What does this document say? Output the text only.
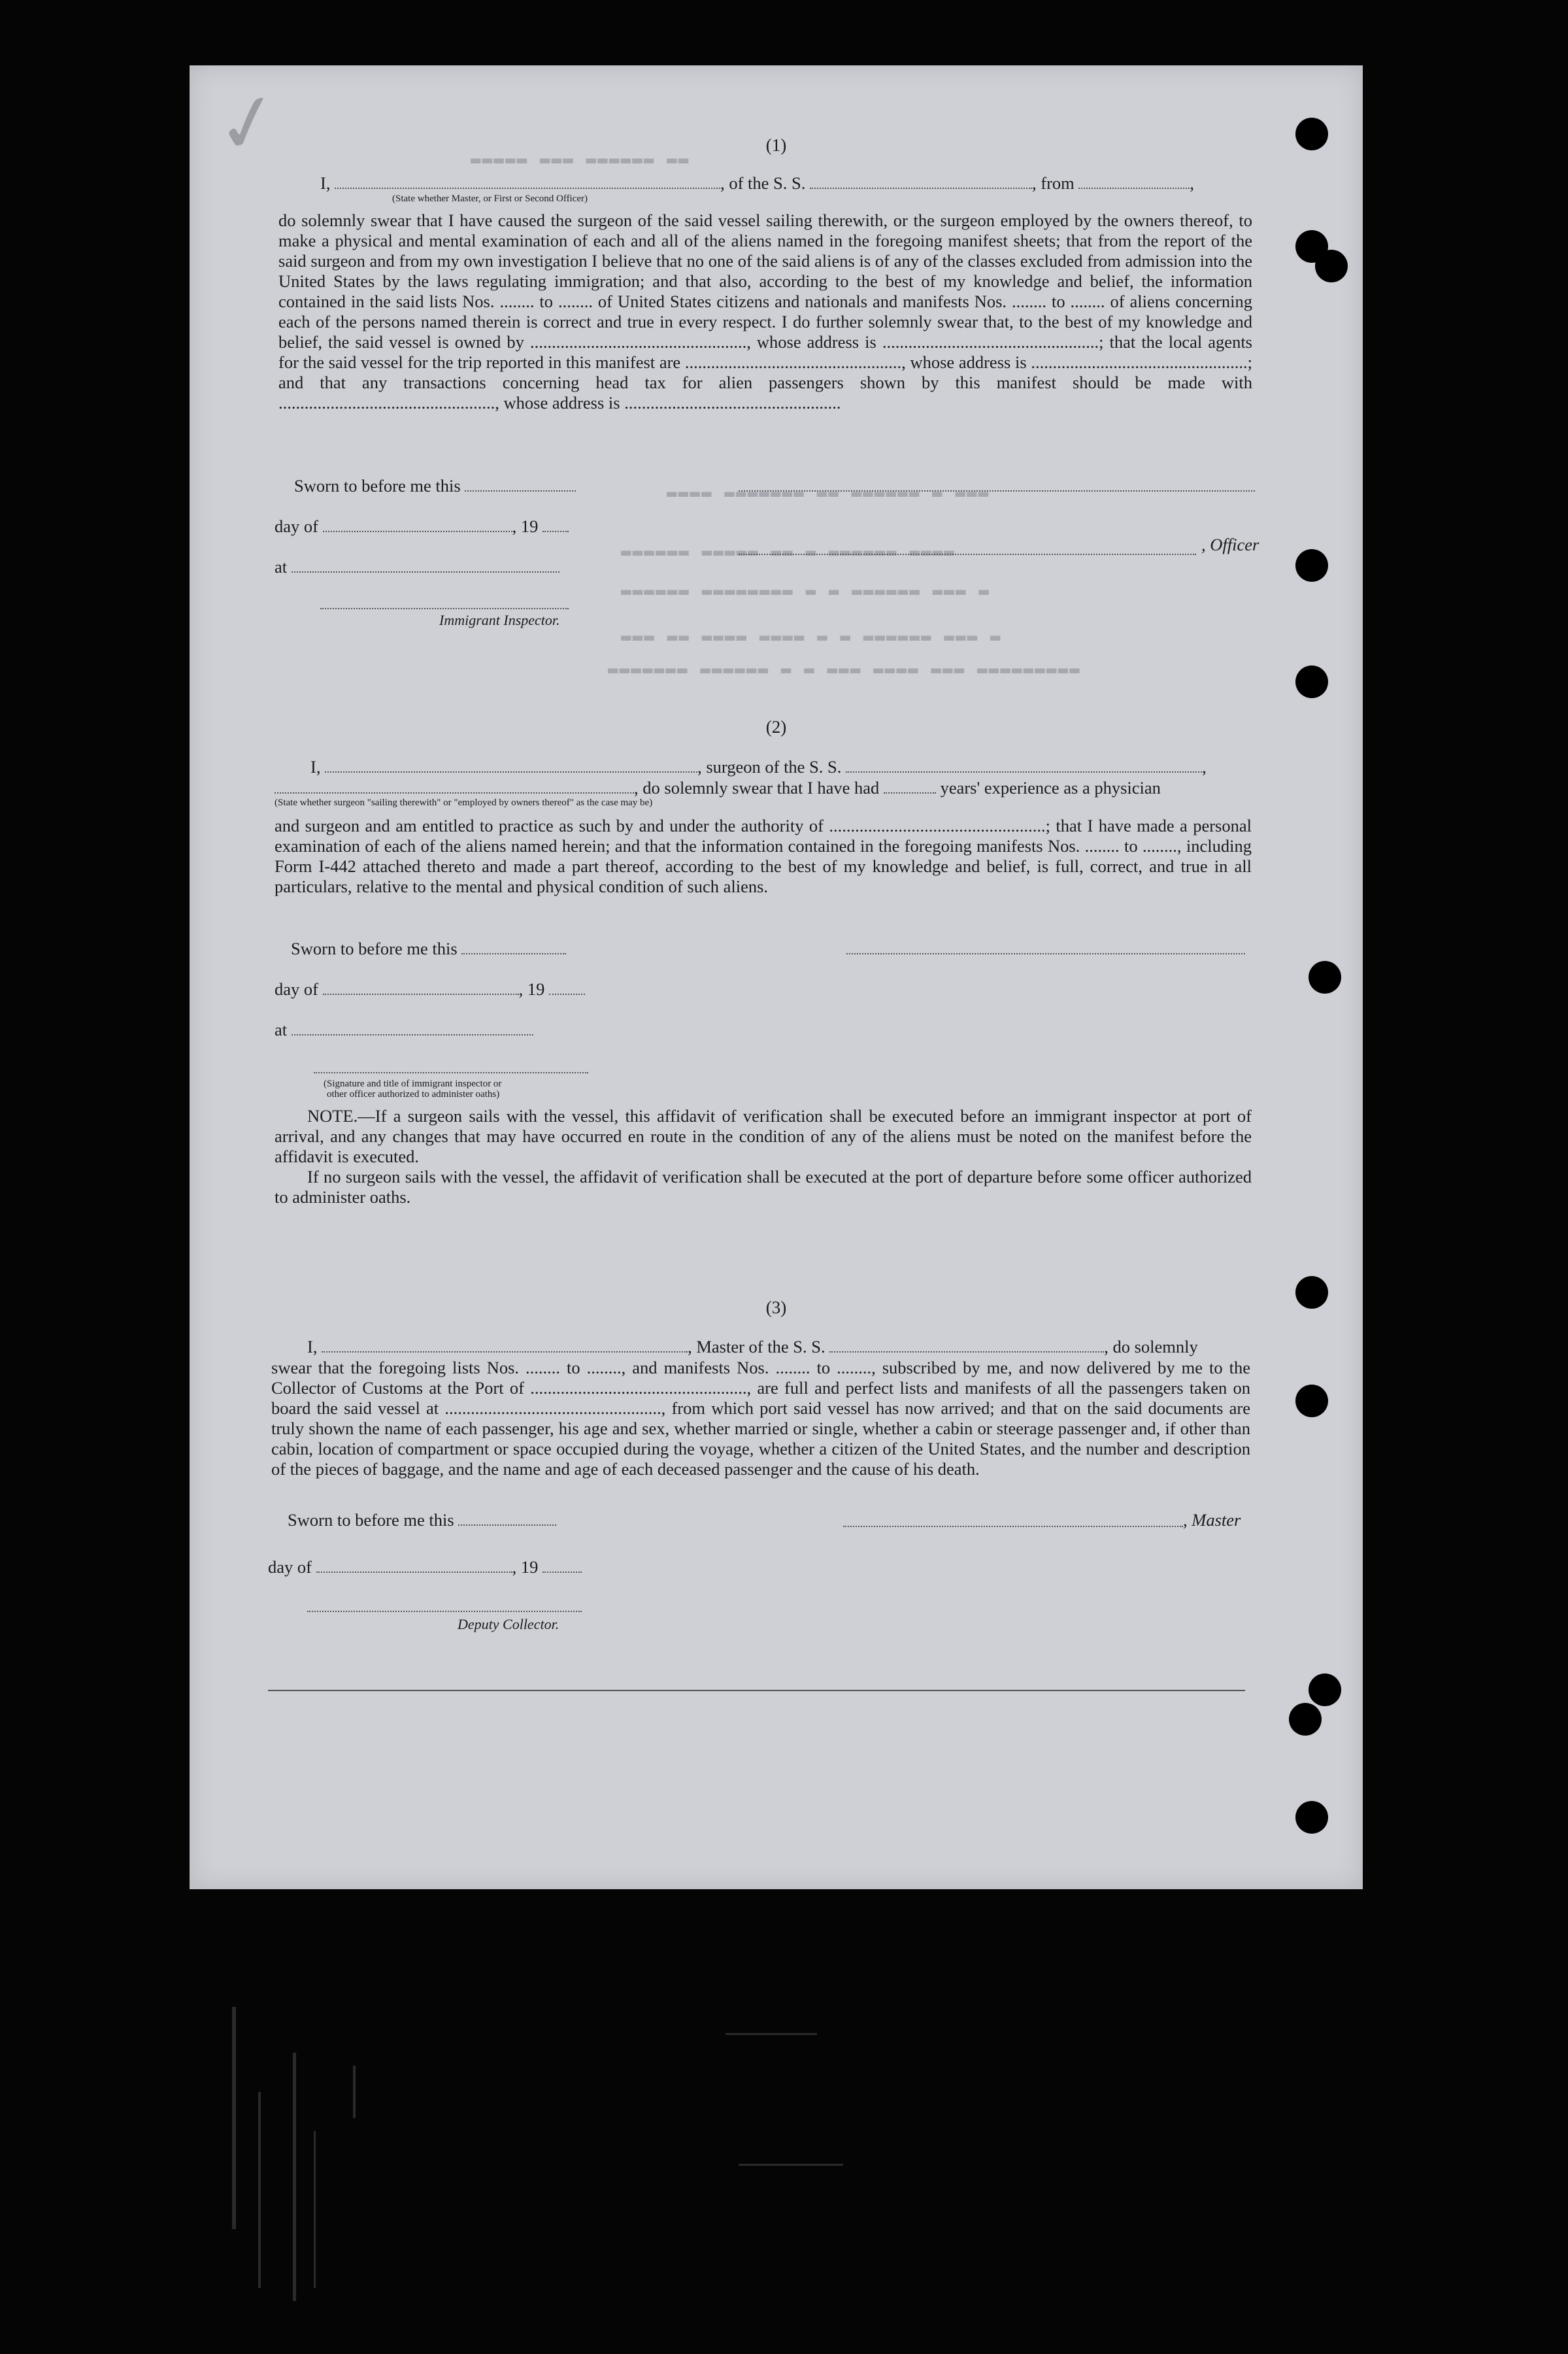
✓	▬▬▬▬▬ ▬▬▬ ▬▬▬▬▬▬ ▬▬
▬▬▬▬ ▬▬▬▬▬▬▬ ▬▬ ▬▬▬▬▬▬ ▬ ▬▬▬
▬▬▬▬▬▬ ▬▬▬▬▬ ▬▬ ▬ ▬▬▬▬▬▬ ▬▬▬▬
▬▬▬▬▬▬ ▬▬▬▬▬▬▬▬ ▬ ▬ ▬▬▬▬▬▬ ▬▬▬ ▬
▬▬▬ ▬▬ ▬▬▬▬ ▬▬▬▬ ▬ ▬ ▬▬▬▬▬▬ ▬▬▬ ▬
▬▬▬▬▬▬▬ ▬▬▬▬▬▬ ▬ ▬ ▬▬▬ ▬▬▬▬ ▬▬▬ ▬▬▬▬▬▬▬▬▬
(1)
I,	, of the S. S.	, from	,
(State whether Master, or First or Second Officer)

do solemnly swear that I have caused the surgeon of the said vessel sailing therewith, or the surgeon employed by the owners thereof, to make a physical and mental examination of each and all of the aliens named in the foregoing manifest sheets; that from the report of the said surgeon and from my own investigation I believe that no one of the said aliens is of any of the classes excluded from admission into the United States by the laws regulating immigration; and that also, according to the best of my knowledge and belief, the information contained in the said lists Nos. ........ to ........ of United States citizens and nationals and manifests Nos. ........ to ........ of aliens concerning each of the persons named therein is correct and true in every respect. I do further solemnly swear that, to the best of my knowledge and belief, the said vessel is owned by .................................................., whose address is ..................................................; that the local agents for the said vessel for the trip reported in this manifest are .................................................., whose address is ..................................................; and that any transactions concerning head tax for alien passengers shown by this manifest should be made with .................................................., whose address is ..................................................

Sworn to before me this
day of	, 19
, Officer
at
Immigrant Inspector.
(2)
I,	, surgeon of the S. S.	,
, do solemnly swear that I have had	years' experience as a physician
(State whether surgeon "sailing therewith" or "employed by owners thereof" as the case may be)

and surgeon and am entitled to practice as such by and under the authority of ..................................................; that I have made a personal examination of each of the aliens named herein; and that the information contained in the foregoing manifests Nos. ........ to ........, including Form I-442 attached thereto and made a part thereof, according to the best of my knowledge and belief, is full, correct, and true in all particulars, relative to the mental and physical condition of such aliens.

Sworn to before me this
day of	, 19
at
(Signature and title of immigrant inspector or
other officer authorized to administer oaths)

NOTE.—If a surgeon sails with the vessel, this affidavit of verification shall be executed before an immigrant inspector at port of arrival, and any changes that may have occurred en route in the condition of any of the aliens must be noted on the manifest before the affidavit is executed.

If no surgeon sails with the vessel, the affidavit of verification shall be executed at the port of departure before some officer authorized to administer oaths.

(3)
I,	, Master of the S. S.	, do solemnly

swear that the foregoing lists Nos. ........ to ........, and manifests Nos. ........ to ........, subscribed by me, and now delivered by me to the Collector of Customs at the Port of .................................................., are full and perfect lists and manifests of all the passengers taken on board the said vessel at .................................................., from which port said vessel has now arrived; and that on the said documents are truly shown the name of each passenger, his age and sex, whether married or single, whether a cabin or steerage passenger and, if other than cabin, location of compartment or space occupied during the voyage, whether a citizen of the United States, and the number and description of the pieces of baggage, and the name and age of each deceased passenger and the cause of his death.

Sworn to before me this	, Master
day of	, 19
Deputy Collector.
